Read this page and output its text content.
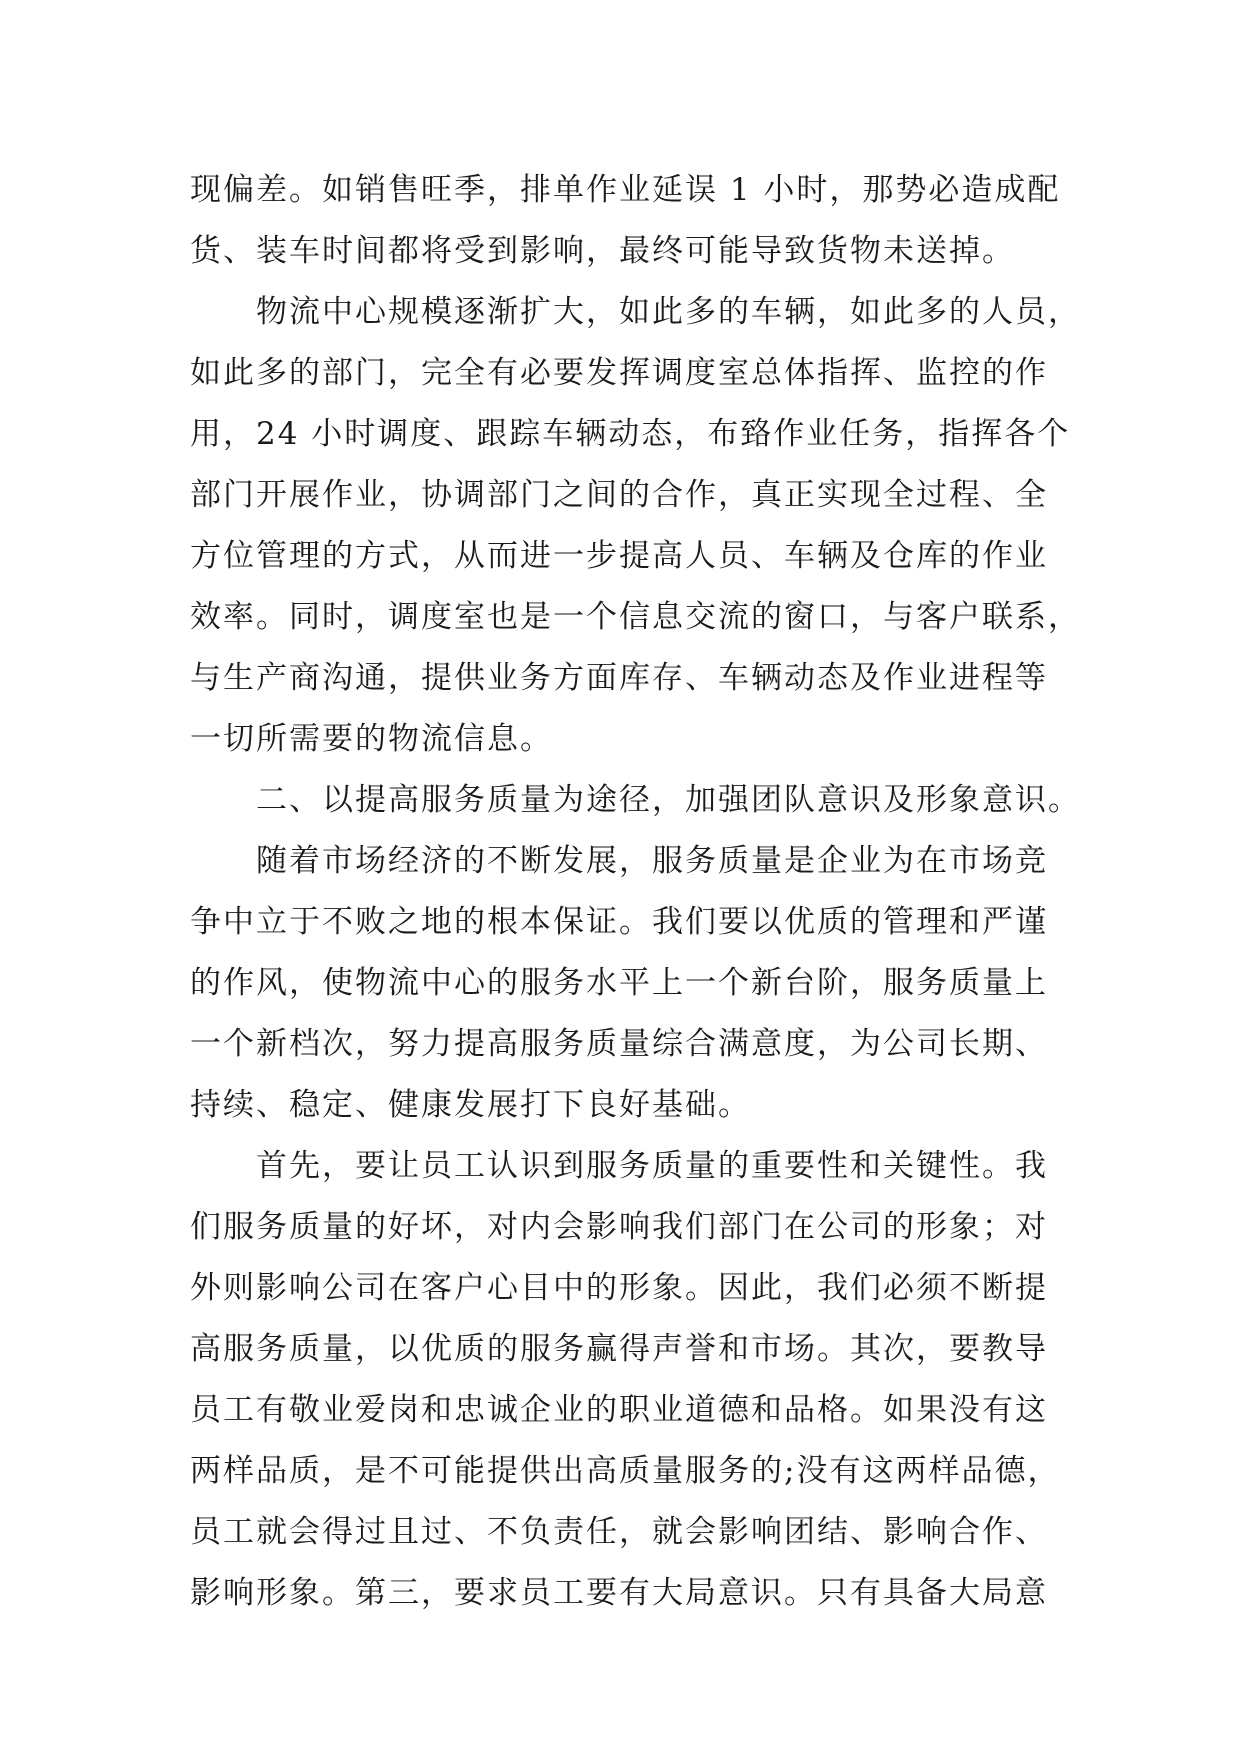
现偏差。如销售旺季，排单作业延误 1 小时，那势必造成配
货、装车时间都将受到影响，最终可能导致货物未送掉。

　　物流中心规模逐渐扩大，如此多的车辆，如此多的人员，
如此多的部门，完全有必要发挥调度室总体指挥、监控的作
用，24 小时调度、跟踪车辆动态，布臵作业任务，指挥各个
部门开展作业，协调部门之间的合作，真正实现全过程、全
方位管理的方式，从而进一步提高人员、车辆及仓库的作业
效率。同时，调度室也是一个信息交流的窗口，与客户联系，
与生产商沟通，提供业务方面库存、车辆动态及作业进程等
一切所需要的物流信息。

　　二、以提高服务质量为途径，加强团队意识及形象意识。

　　随着市场经济的不断发展，服务质量是企业为在市场竞
争中立于不败之地的根本保证。我们要以优质的管理和严谨
的作风，使物流中心的服务水平上一个新台阶，服务质量上
一个新档次，努力提高服务质量综合满意度，为公司长期、
持续、稳定、健康发展打下良好基础。

　　首先，要让员工认识到服务质量的重要性和关键性。我
们服务质量的好坏，对内会影响我们部门在公司的形象；对
外则影响公司在客户心目中的形象。因此，我们必须不断提
高服务质量，以优质的服务赢得声誉和市场。其次，要教导
员工有敬业爱岗和忠诚企业的职业道德和品格。如果没有这
两样品质，是不可能提供出高质量服务的;没有这两样品德，
员工就会得过且过、不负责任，就会影响团结、影响合作、
影响形象。第三，要求员工要有大局意识。只有具备大局意
